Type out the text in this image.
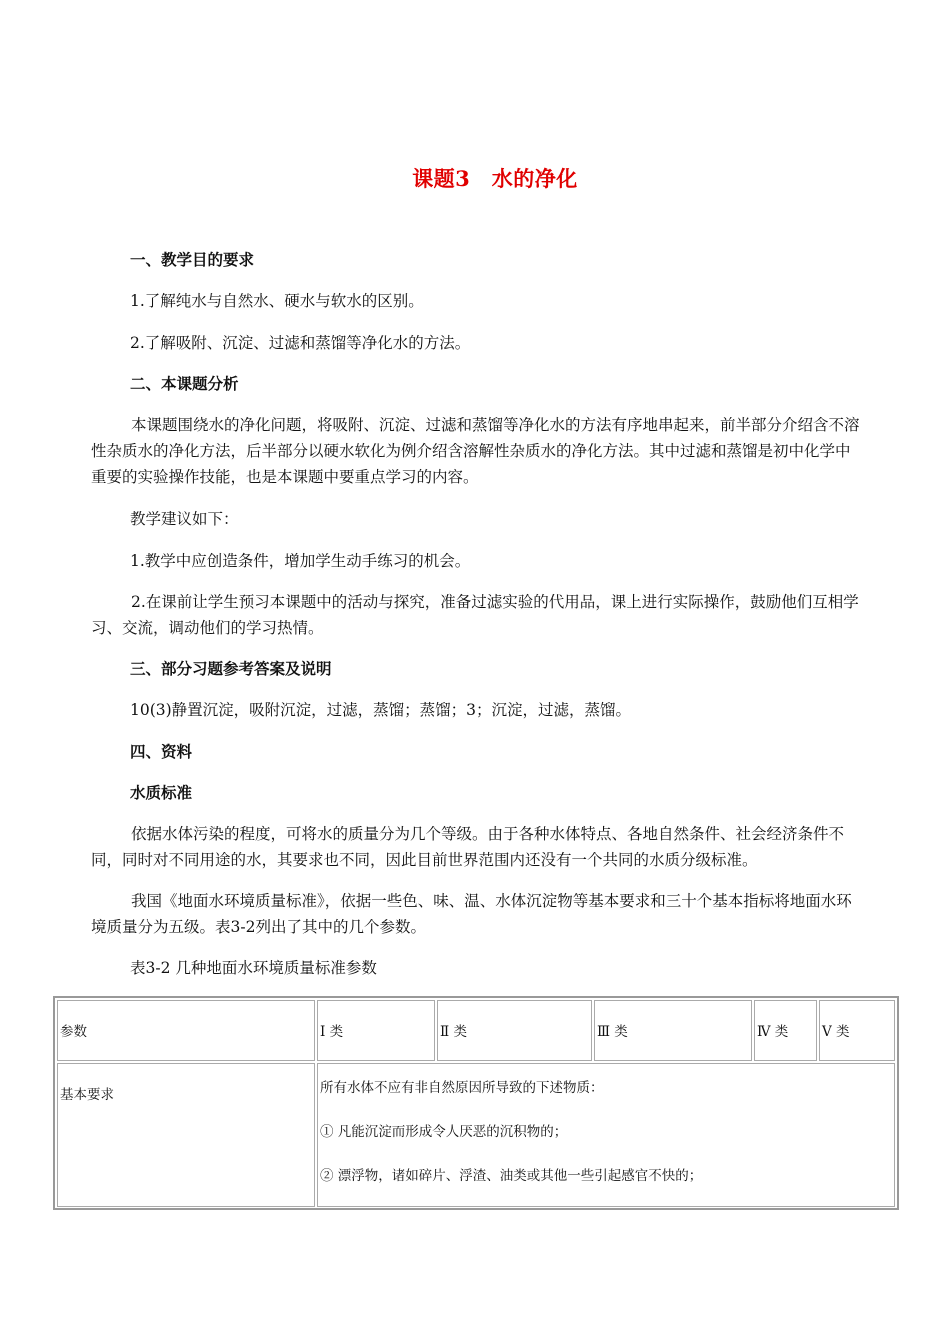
课题3　水的净化
一、教学目的要求
1.了解纯水与自然水、硬水与软水的区别。
2.了解吸附、沉淀、过滤和蒸馏等净化水的方法。
二、本课题分析
本课题围绕水的净化问题，将吸附、沉淀、过滤和蒸馏等净化水的方法有序地串起来，前半部分介绍含不溶性杂质水的净化方法，后半部分以硬水软化为例介绍含溶解性杂质水的净化方法。其中过滤和蒸馏是初中化学中重要的实验操作技能，也是本课题中要重点学习的内容。
教学建议如下：
1.教学中应创造条件，增加学生动手练习的机会。
2.在课前让学生预习本课题中的活动与探究，准备过滤实验的代用品，课上进行实际操作，鼓励他们互相学习、交流，调动他们的学习热情。
三、部分习题参考答案及说明
10(3)静置沉淀，吸附沉淀，过滤，蒸馏；蒸馏；3；沉淀，过滤，蒸馏。
四、资料
水质标准
依据水体污染的程度，可将水的质量分为几个等级。由于各种水体特点、各地自然条件、社会经济条件不同，同时对不同用途的水，其要求也不同，因此目前世界范围内还没有一个共同的水质分级标准。
我国《地面水环境质量标准》，依据一些色、味、温、水体沉淀物等基本要求和三十个基本指标将地面水环境质量分为五级。表3-2列出了其中的几个参数。
表3-2 几种地面水环境质量标准参数
参数	Ⅰ 类	Ⅱ 类	Ⅲ 类	Ⅳ 类	Ⅴ 类
基本要求	所有水体不应有非自然原因所导致的下述物质：
① 凡能沉淀而形成令人厌恶的沉积物的；
② 漂浮物，诸如碎片、浮渣、油类或其他一些引起感官不快的；				
